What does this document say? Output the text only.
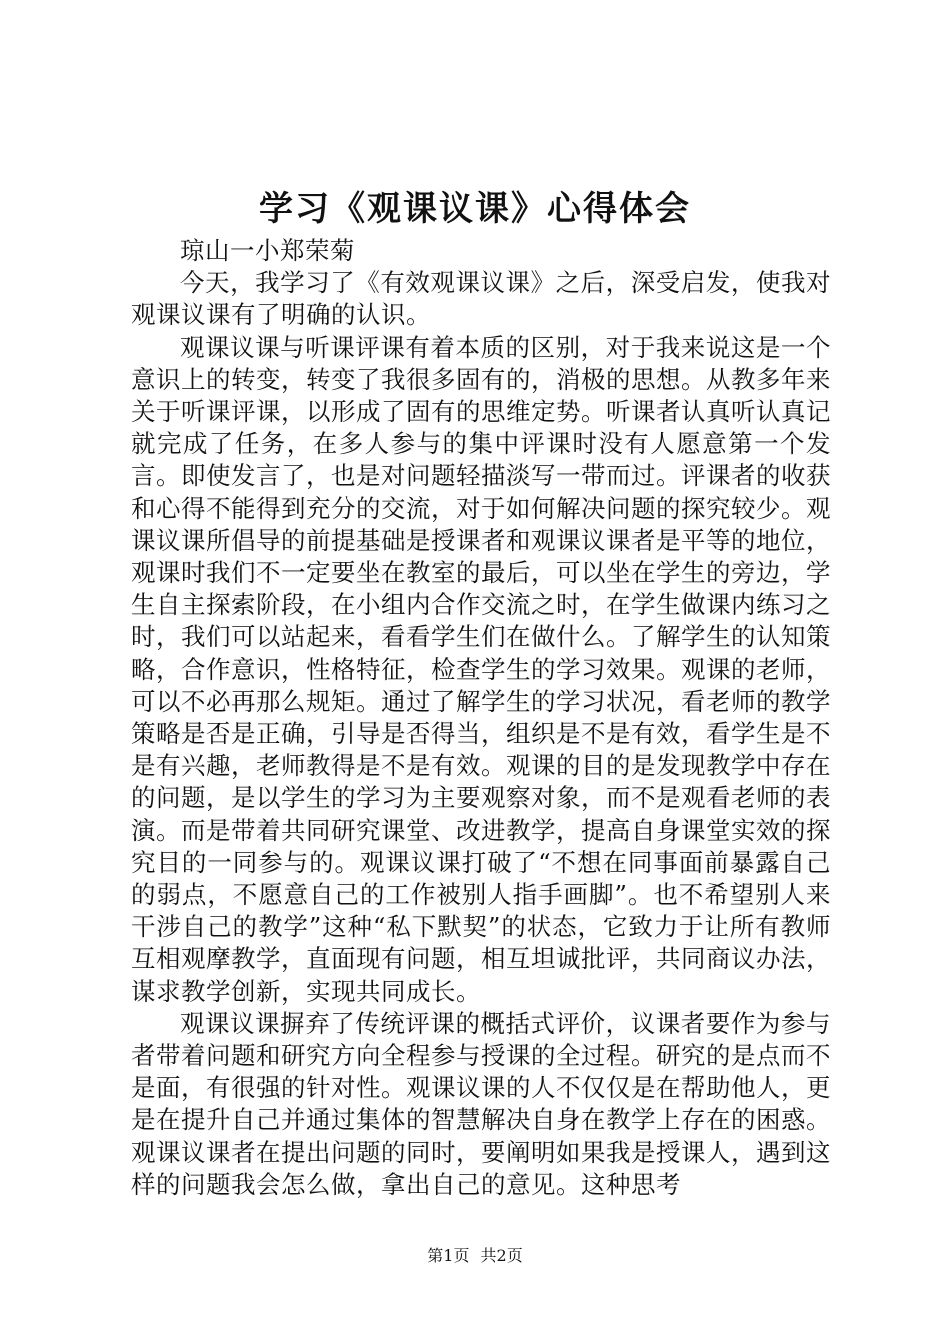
学习《观课议课》心得体会

琼山一小郑荣菊

今天，我学习了《有效观课议课》之后，深受启发，使我对观课议课有了明确的认识。

观课议课与听课评课有着本质的区别，对于我来说这是一个意识上的转变，转变了我很多固有的，消极的思想。从教多年来关于听课评课，以形成了固有的思维定势。听课者认真听认真记就完成了任务，在多人参与的集中评课时没有人愿意第一个发言。即使发言了，也是对问题轻描淡写一带而过。评课者的收获和心得不能得到充分的交流，对于如何解决问题的探究较少。观课议课所倡导的前提基础是授课者和观课议课者是平等的地位，观课时我们不一定要坐在教室的最后，可以坐在学生的旁边，学生自主探索阶段，在小组内合作交流之时，在学生做课内练习之时，我们可以站起来，看看学生们在做什么。了解学生的认知策略，合作意识，性格特征，检查学生的学习效果。观课的老师，可以不必再那么规矩。通过了解学生的学习状况，看老师的教学策略是否是正确，引导是否得当，组织是不是有效，看学生是不是有兴趣，老师教得是不是有效。观课的目的是发现教学中存在的问题，是以学生的学习为主要观察对象，而不是观看老师的表演。而是带着共同研究课堂、改进教学，提高自身课堂实效的探究目的一同参与的。观课议课打破了“不想在同事面前暴露自己的弱点，不愿意自己的工作被别人指手画脚”。也不希望别人来干涉自己的教学”这种“私下默契”的状态，它致力于让所有教师互相观摩教学，直面现有问题，相互坦诚批评，共同商议办法，谋求教学创新，实现共同成长。

观课议课摒弃了传统评课的概括式评价，议课者要作为参与者带着问题和研究方向全程参与授课的全过程。研究的是点而不是面，有很强的针对性。观课议课的人不仅仅是在帮助他人，更是在提升自己并通过集体的智慧解决自身在教学上存在的困惑。观课议课者在提出问题的同时，要阐明如果我是授课人，遇到这样的问题我会怎么做，拿出自己的意见。这种思考

第1页 共2页
